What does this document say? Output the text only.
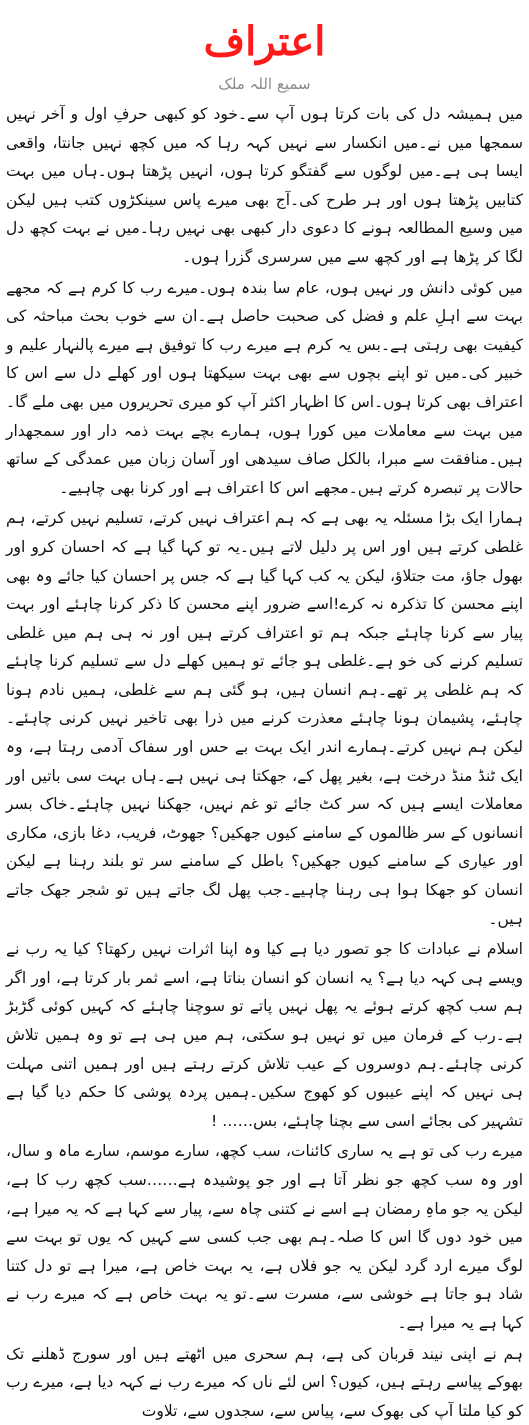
اعتراف
سمیع اللہ ملک

میں ہمیشہ دل کی بات کرتا ہوں آپ سے۔خود کو کبھی حرفِ اول و آخر نہیں سمجھا میں نے۔میں انکسار سے نہیں کہہ رہا کہ میں کچھ نہیں جانتا، واقعی ایسا ہی ہے۔میں لوگوں سے گفتگو کرتا ہوں، انہیں پڑھتا ہوں۔ہاں میں بہت کتابیں پڑھتا ہوں اور ہر طرح کی۔آج بھی میرے پاس سینکڑوں کتب ہیں لیکن میں وسیع المطالعہ ہونے کا دعوی دار کبھی بھی نہیں رہا۔میں نے بہت کچھ دل لگا کر پڑھا ہے اور کچھ سے میں سرسری گزرا ہوں۔

میں کوئی دانش ور نہیں ہوں، عام سا بندہ ہوں۔میرے رب کا کرم ہے کہ مجھے بہت سے اہلِ علم و فضل کی صحبت حاصل ہے۔ان سے خوب بحث مباحثہ کی کیفیت بھی رہتی ہے۔بس یہ کرم ہے میرے رب کا توفیق ہے میرے پالنہار علیم و خبیر کی۔میں تو اپنے بچوں سے بھی بہت سیکھتا ہوں اور کھلے دل سے اس کا اعتراف بھی کرتا ہوں۔اس کا اظہار اکثر آپ کو میری تحریروں میں بھی ملے گا۔میں بہت سے معاملات میں کورا ہوں، ہمارے بچے بہت ذمہ دار اور سمجھدار ہیں۔منافقت سے مبرا، بالکل صاف سیدھی اور آسان زبان میں عمدگی کے ساتھ حالات پر تبصرہ کرتے ہیں۔مجھے اس کا اعتراف ہے اور کرنا بھی چاہیے۔

ہمارا ایک بڑا مسئلہ یہ بھی ہے کہ ہم اعتراف نہیں کرتے، تسلیم نہیں کرتے، ہم غلطی کرتے ہیں اور اس پر دلیل لاتے ہیں۔یہ تو کہا گیا ہے کہ احسان کرو اور بھول جاؤ، مت جتلاؤ، لیکن یہ کب کہا گیا ہے کہ جس پر احسان کیا جائے وہ بھی اپنے محسن کا تذکرہ نہ کرے!اسے ضرور اپنے محسن کا ذکر کرنا چاہئے اور بہت پیار سے کرنا چاہئے جبکہ ہم تو اعتراف کرتے ہیں اور نہ ہی ہم میں غلطی تسلیم کرنے کی خو ہے۔غلطی ہو جائے تو ہمیں کھلے دل سے تسلیم کرنا چاہئے کہ ہم غلطی پر تھے۔ہم انسان ہیں، ہو گئی ہم سے غلطی، ہمیں نادم ہونا چاہئے، پشیمان ہونا چاہئے معذرت کرنے میں ذرا بھی تاخیر نہیں کرنی چاہئے۔لیکن ہم نہیں کرتے۔ہمارے اندر ایک بہت بے حس اور سفاک آدمی رہتا ہے، وہ ایک ٹنڈ منڈ درخت ہے، بغیر پھل کے، جھکتا ہی نہیں ہے۔ہاں بہت سی باتیں اور معاملات ایسے ہیں کہ سر کٹ جائے تو غم نہیں، جھکنا نہیں چاہئے۔خاک بسر انسانوں کے سر ظالموں کے سامنے کیوں جھکیں؟ جھوٹ، فریب، دغا بازی، مکاری اور عیاری کے سامنے کیوں جھکیں؟ باطل کے سامنے سر تو بلند رہنا ہے لیکن انسان کو جھکا ہوا ہی رہنا چاہیے۔جب پھل لگ جاتے ہیں تو شجر جھک جاتے ہیں۔

اسلام نے عبادات کا جو تصور دیا ہے کیا وہ اپنا اثرات نہیں رکھتا؟ کیا یہ رب نے ویسے ہی کہہ دیا ہے؟ یہ انسان کو انسان بناتا ہے، اسے ثمر بار کرتا ہے، اور اگر ہم سب کچھ کرتے ہوئے یہ پھل نہیں پاتے تو سوچنا چاہئے کہ کہیں کوئی گڑبڑ ہے۔رب کے فرمان میں تو نہیں ہو سکتی، ہم میں ہی ہے تو وہ ہمیں تلاش کرنی چاہئے۔ہم دوسروں کے عیب تلاش کرتے رہتے ہیں اور ہمیں اتنی مہلت ہی نہیں کہ اپنے عیبوں کو کھوج سکیں۔ہمیں پردہ پوشی کا حکم دیا گیا ہے تشہیر کی بجائے اسی سے بچنا چاہئے، بس…… !

میرے رب کی تو ہے یہ ساری کائنات، سب کچھ، سارے موسم، سارے ماہ و سال، اور وہ سب کچھ جو نظر آتا ہے اور جو پوشیدہ ہے……سب کچھ رب کا ہے، لیکن یہ جو ماہِ رمضان ہے اسے نے کتنی چاہ سے، پیار سے کہا ہے کہ یہ میرا ہے، میں خود دوں گا اس کا صلہ۔ہم بھی جب کسی سے کہیں کہ یوں تو بہت سے لوگ میرے ارد گرد لیکن یہ جو فلاں ہے، یہ بہت خاص ہے، میرا ہے تو دل کتنا شاد ہو جاتا ہے خوشی سے، مسرت سے۔تو یہ بہت خاص ہے کہ میرے رب نے کہا ہے یہ میرا ہے۔

ہم نے اپنی نیند قربان کی ہے، ہم سحری میں اٹھتے ہیں اور سورج ڈھلنے تک بھوکے پیاسے رہتے ہیں، کیوں؟ اس لئے ناں کہ میرے رب نے کہہ دیا ہے، میرے رب کو کیا ملتا آپ کی بھوک سے، پیاس سے، سجدوں سے، تلاوت
